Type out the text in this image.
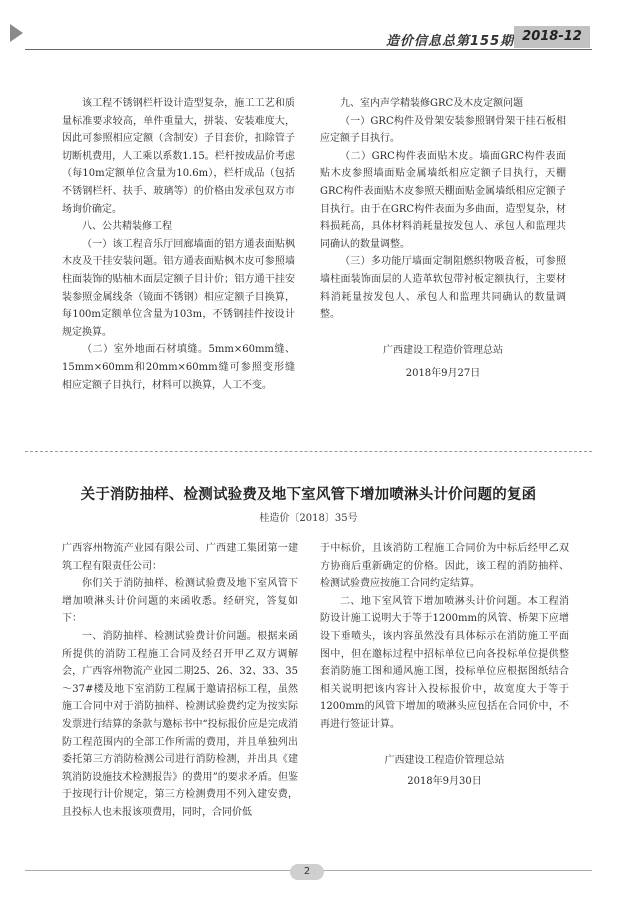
造价信息总第155期 2018-12

该工程不锈钢栏杆设计造型复杂，施工工艺和质量标准要求较高，单件重量大，拼装、安装难度大，因此可参照相应定额（含制安）子目套价，扣除管子切断机费用，人工乘以系数1.15。栏杆按成品价考虑（每10m定额单位含量为10.6m），栏杆成品（包括不锈钢栏杆、扶手、玻璃等）的价格由发承包双方市场询价确定。

八、公共精装修工程

（一）该工程音乐厅回廊墙面的铝方通表面贴枫木皮及干挂安装问题。铝方通表面贴枫木皮可参照墙柱面装饰的贴柚木面层定额子目计价；铝方通干挂安装参照金属线条（镜面不锈钢）相应定额子目换算，每100m定额单位含量为103m，不锈钢挂件按设计规定换算。

（二）室外地面石材填缝。5mm×60mm缝、15mm×60mm和20mm×60mm缝可参照变形缝相应定额子目执行，材料可以换算，人工不变。

九、室内声学精装修GRC及木皮定额问题

（一）GRC构件及骨架安装参照钢骨架干挂石板相应定额子目执行。

（二）GRC构件表面贴木皮。墙面GRC构件表面贴木皮参照墙面贴金属墙纸相应定额子目执行，天棚GRC构件表面贴木皮参照天棚面贴金属墙纸相应定额子目执行。由于在GRC构件表面为多曲面，造型复杂，材料损耗高，具体材料消耗量按发包人、承包人和监理共同确认的数量调整。

（三）多功能厅墙面定制阻燃织物吸音板，可参照墙柱面装饰面层的人造革软包带衬板定额执行，主要材料消耗量按发包人、承包人和监理共同确认的数量调整。

广西建设工程造价管理总站

2018年9月27日

关于消防抽样、检测试验费及地下室风管下增加喷淋头计价问题的复函
桂造价〔2018〕35号

广西容州物流产业园有限公司、广西建工集团第一建筑工程有限责任公司：

你们关于消防抽样、检测试验费及地下室风管下增加喷淋头计价问题的来函收悉。经研究，答复如下：

一、消防抽样、检测试验费计价问题。根据来函所提供的消防工程施工合同及经召开甲乙双方调解会，广西容州物流产业园二期25、26、32、33、35～37#楼及地下室消防工程属于邀请招标工程，虽然施工合同中对于消防抽样、检测试验费约定为按实际发票进行结算的条款与邀标书中“投标报价应是完成消防工程范围内的全部工作所需的费用，并且单独列出委托第三方消防检测公司进行消防检测，并出具《建筑消防设施技术检测报告》的费用”的要求矛盾。但鉴于按现行计价规定，第三方检测费用不列入建安费，且投标人也未报该项费用，同时，合同价低

于中标价，且该消防工程施工合同价为中标后经甲乙双方协商后重新确定的价格。因此，该工程的消防抽样、检测试验费应按施工合同约定结算。

二、地下室风管下增加喷淋头计价问题。本工程消防设计施工说明大于等于1200mm的风管、桥架下应增设下垂喷头，该内容虽然没有具体标示在消防施工平面图中，但在邀标过程中招标单位已向各投标单位提供整套消防施工图和通风施工图，投标单位应根据图纸结合相关说明把该内容计入投标报价中，故宽度大于等于1200mm的风管下增加的喷淋头应包括在合同价中，不再进行签证计算。

广西建设工程造价管理总站

2018年9月30日

2
